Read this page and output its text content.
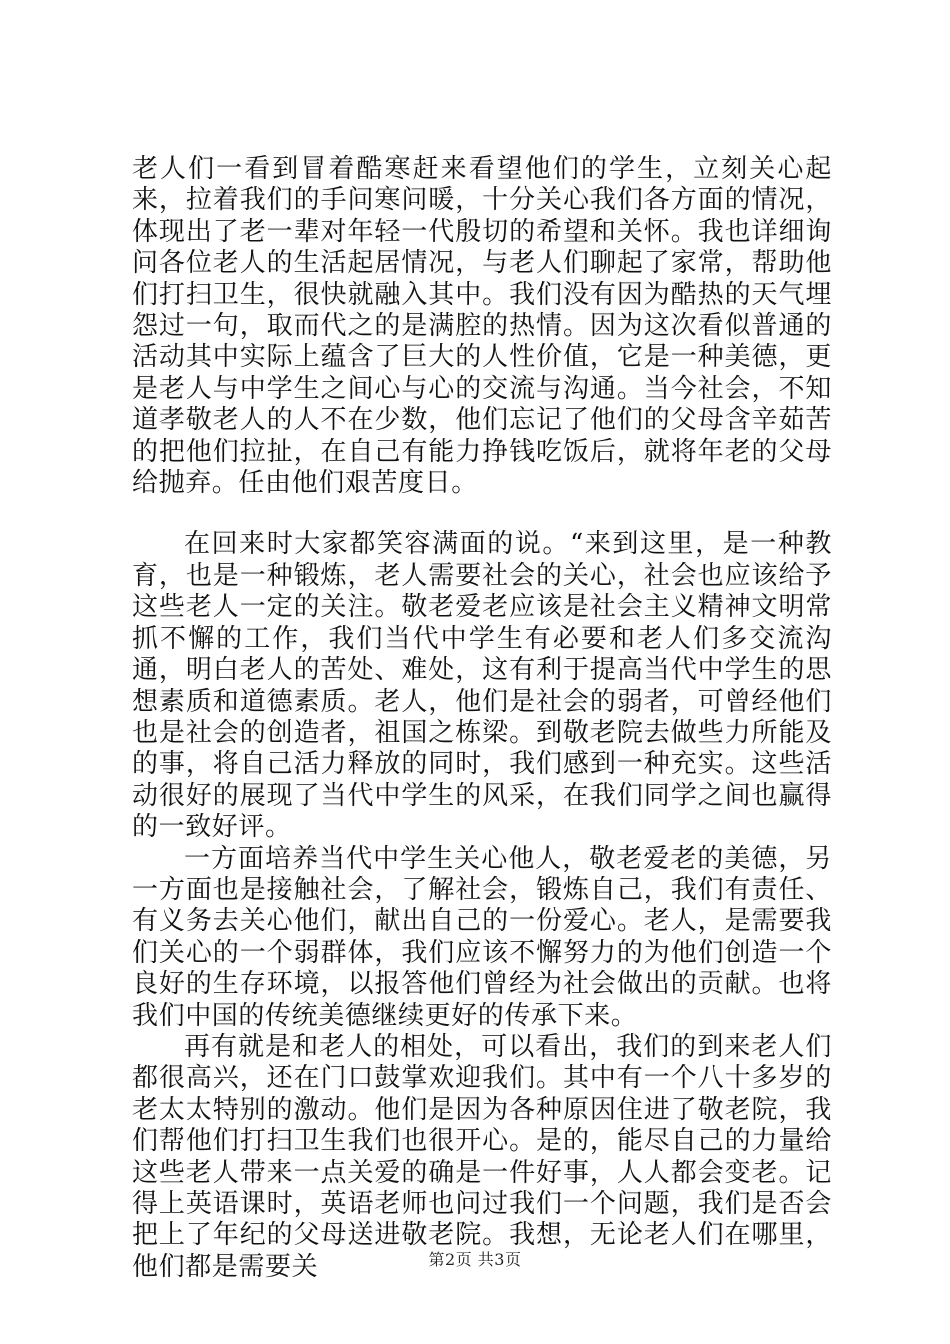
老人们一看到冒着酷寒赶来看望他们的学生，立刻关心起来，拉着我们的手问寒问暖，十分关心我们各方面的情况，体现出了老一辈对年轻一代殷切的希望和关怀。我也详细询问各位老人的生活起居情况，与老人们聊起了家常，帮助他们打扫卫生，很快就融入其中。我们没有因为酷热的天气埋怨过一句，取而代之的是满腔的热情。因为这次看似普通的活动其中实际上蕴含了巨大的人性价值，它是一种美德，更是老人与中学生之间心与心的交流与沟通。当今社会，不知道孝敬老人的人不在少数，他们忘记了他们的父母含辛茹苦的把他们拉扯，在自己有能力挣钱吃饭后，就将年老的父母给抛弃。任由他们艰苦度日。

在回来时大家都笑容满面的说。“来到这里，是一种教育，也是一种锻炼，老人需要社会的关心，社会也应该给予这些老人一定的关注。敬老爱老应该是社会主义精神文明常抓不懈的工作，我们当代中学生有必要和老人们多交流沟通，明白老人的苦处、难处，这有利于提高当代中学生的思想素质和道德素质。老人，他们是社会的弱者，可曾经他们也是社会的创造者，祖国之栋梁。到敬老院去做些力所能及的事，将自己活力释放的同时，我们感到一种充实。这些活动很好的展现了当代中学生的风采，在我们同学之间也赢得的一致好评。

一方面培养当代中学生关心他人，敬老爱老的美德，另一方面也是接触社会，了解社会，锻炼自己，我们有责任、有义务去关心他们，献出自己的一份爱心。老人，是需要我们关心的一个弱群体，我们应该不懈努力的为他们创造一个良好的生存环境，以报答他们曾经为社会做出的贡献。也将我们中国的传统美德继续更好的传承下来。

再有就是和老人的相处，可以看出，我们的到来老人们都很高兴，还在门口鼓掌欢迎我们。其中有一个八十多岁的老太太特别的激动。他们是因为各种原因住进了敬老院，我们帮他们打扫卫生我们也很开心。是的，能尽自己的力量给这些老人带来一点关爱的确是一件好事，人人都会变老。记得上英语课时，英语老师也问过我们一个问题，我们是否会把上了年纪的父母送进敬老院。我想，无论老人们在哪里，他们都是需要关	第2页 共3页
